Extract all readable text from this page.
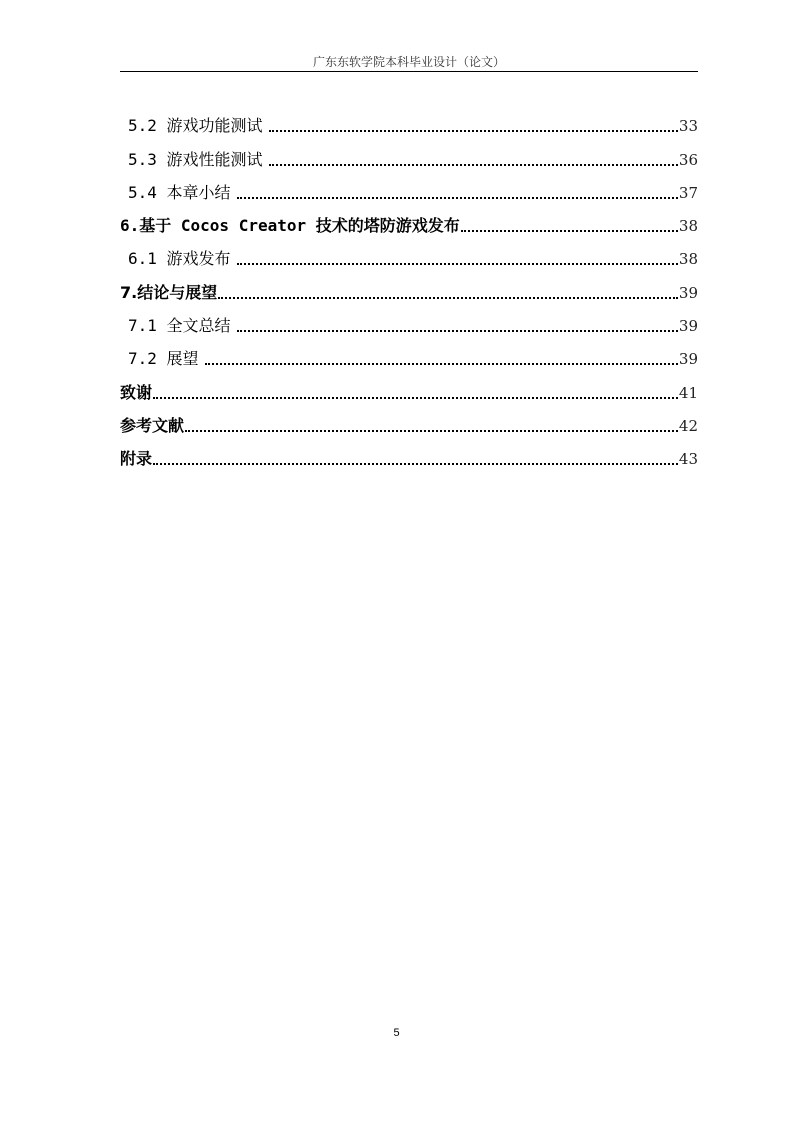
广东东软学院本科毕业设计（论文）
5.2 游戏功能测试	33
5.3 游戏性能测试	36
5.4 本章小结	37
6.基于 Cocos Creator 技术的塔防游戏发布	38
6.1 游戏发布	38
7.结论与展望	39
7.1 全文总结	39
7.2 展望	39
致谢	41
参考文献	42
附录	43
5
